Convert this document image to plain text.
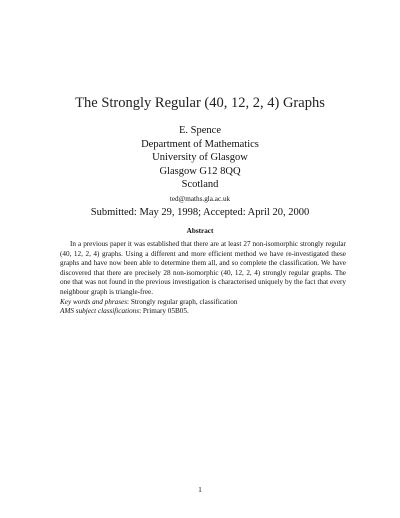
The Strongly Regular (40, 12, 2, 4) Graphs
E. Spence
Department of Mathematics
University of Glasgow
Glasgow G12 8QQ
Scotland
ted@maths.gla.ac.uk
Submitted: May 29, 1998; Accepted: April 20, 2000
Abstract

In a previous paper it was established that there are at least 27 non-isomorphic strongly regular (40, 12, 2, 4) graphs. Using a different and more efficient method we have re-investigated these graphs and have now been able to determine them all, and so complete the classification. We have discovered that there are precisely 28 non-isomorphic (40, 12, 2, 4) strongly regular graphs. The one that was not found in the previous investigation is characterised uniquely by the fact that every neighbour graph is triangle-free.

Key words and phrases: Strongly regular graph, classification
AMS subject classifications: Primary 05B05.
1
